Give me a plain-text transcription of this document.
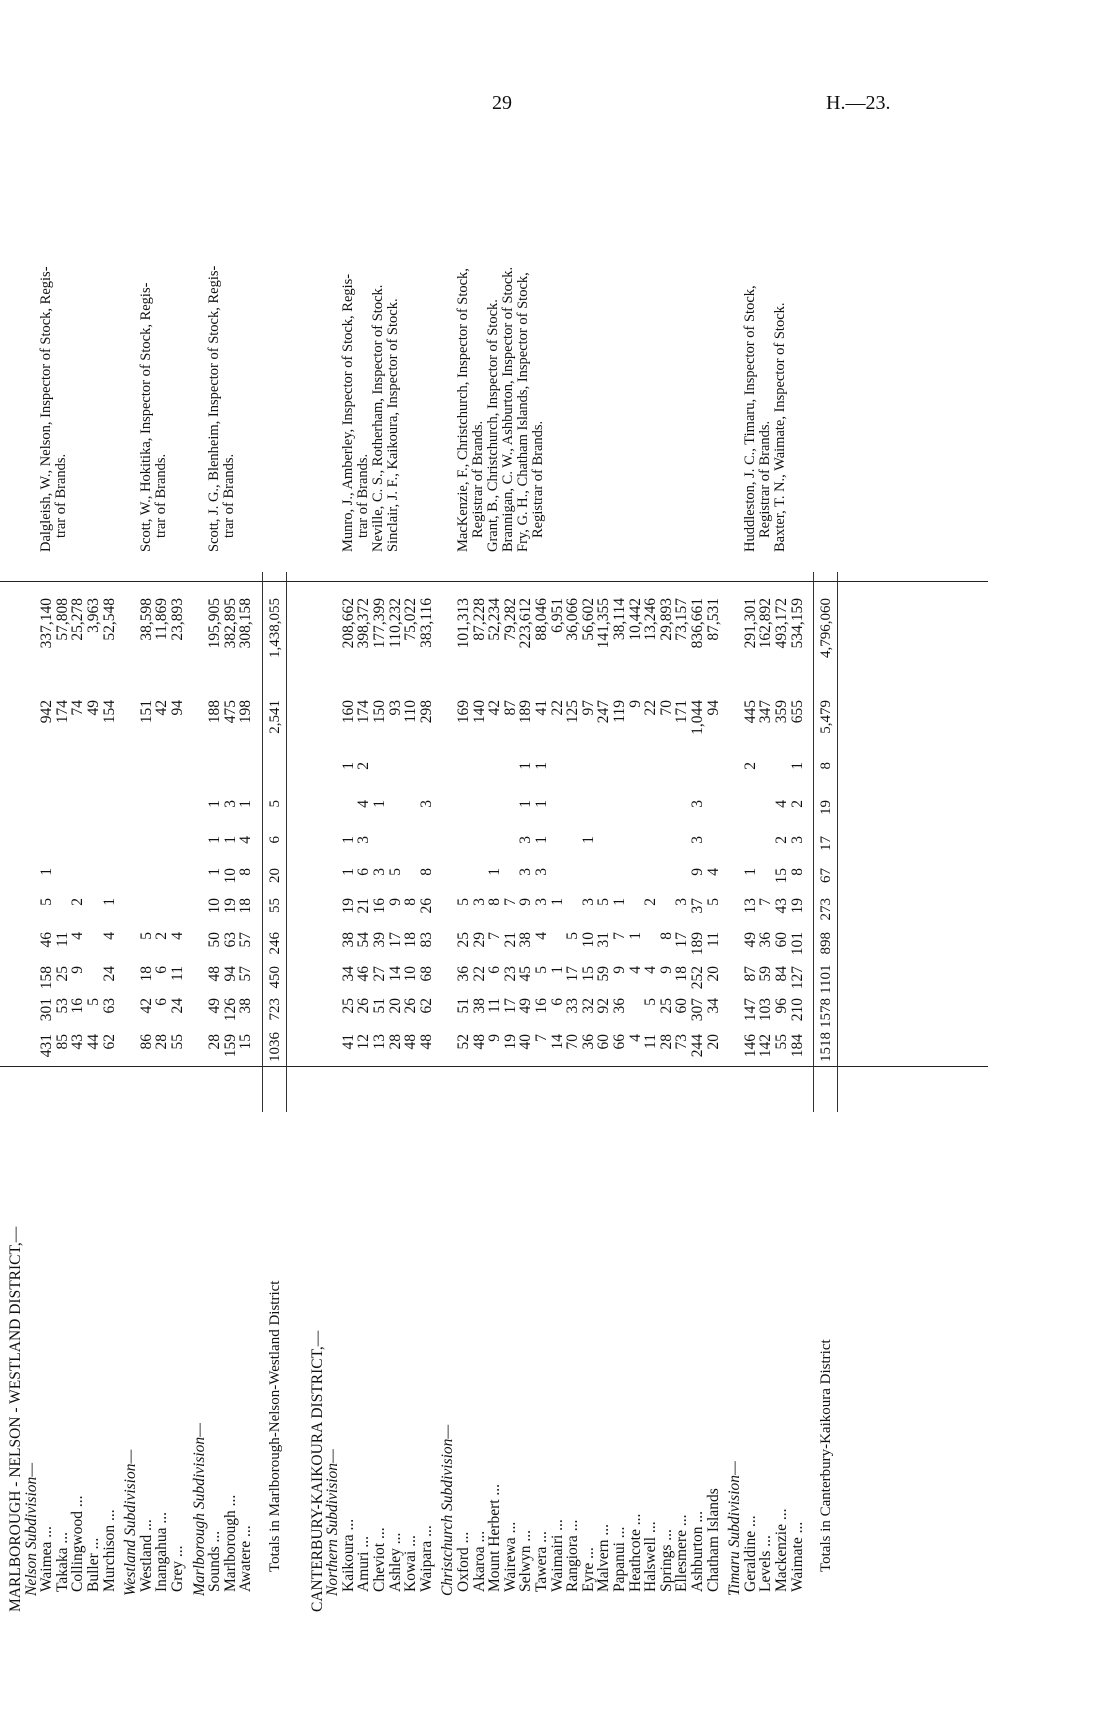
29	H.—23.
MARLBOROUGH - NELSON - WESTLAND DISTRICT,—
Nelson Subdivision—
Waimea ...
431
301
158
46
5
1
942
337,140
Takaka ...
85
53
25
11
174
57,808
Collingwood ...
43
16
9
4
2
74
25,278
Buller ...
44
5
49
3,963
Murchison ...
62
63
24
4
1
154
52,548
Dalgleish, W., Nelson, Inspector of Stock, Regis- trar of Brands.
Westland Subdivision—
Westland ...
86
42
18
5
151
38,598
Inangahua ...
28
6
6
2
42
11,869
Grey ...
55
24
11
4
94
23,893
Scott, W., Hokitika, Inspector of Stock, Regis- trar of Brands.
Marlborough Subdivision—
Sounds ...
28
49
48
50
10
1
1
1
188
195,905
Marlborough ...
159
126
94
63
19
10
1
3
475
382,895
Awatere ...
15
38
57
57
18
8
4
1
198
308,158
Scott, J. G., Blenheim, Inspector of Stock, Regis- trar of Brands.
Totals in Marlborough-Nelson-Westland District
1036
723
450
246
55
20
6
5
2,541
1,438,055
CANTERBURY-KAIKOURA DISTRICT,—
Northern Subdivision—
Kaikoura ...
41
25
34
38
19
1
1
1
160
208,662
Amuri ...
12
26
46
54
21
6
3
4
2
174
398,372
Cheviot ...
13
51
27
39
16
3
1
150
177,399
Ashley ...
28
20
14
17
9
5
93
110,232
Kowai ...
48
26
10
18
8
110
75,022
Waipara ...
48
62
68
83
26
8
3
298
383,116
Munro, J., Amberley, Inspector of Stock, Regis- trar of Brands. Neville, C. S., Rotherham, Inspector of Stock. Sinclair, J. F., Kaikoura, Inspector of Stock.
Christchurch Subdivision—
Oxford ...
52
51
36
25
5
169
101,313
Akaroa ...
48
38
22
29
3
140
87,228
Mount Herbert ...
9
11
6
7
8
1
42
52,234
Wairewa ...
19
17
23
21
7
87
79,282
Selwyn ...
40
49
45
38
9
3
3
1
1
189
223,612
Tawera ...
7
16
5
4
3
3
1
1
1
41
88,046
Waimairi ...
14
6
1
1
22
6,951
Rangiora ...
70
33
17
5
125
36,066
Eyre ...
36
32
15
10
3
1
97
56,602
Malvern ...
60
92
59
31
5
247
141,355
Papanui ...
66
36
9
7
1
119
38,114
Heathcote ...
4
4
1
9
10,442
Halswell ...
11
5
4
2
22
13,246
Springs ...
28
25
9
8
70
29,893
Ellesmere ...
73
60
18
17
3
171
73,157
Ashburton ...
244
307
252
189
37
9
3
3
1,044
836,661
Chatham Islands
20
34
20
11
5
4
94
87,531
MacKenzie, F., Christchurch, Inspector of Stock, Registrar of Brands. Grant, B., Christchurch, Inspector of Stock. Brannigan, C. W., Ashburton, Inspector of Stock. Fry, G. H., Chatham Islands, Inspector of Stock, Registrar of Brands.
Timaru Subdivision—
Geraldine ...
146
147
87
49
13
1
2
445
291,301
Levels ...
142
103
59
36
7
347
162,892
Mackenzie ...
55
96
84
60
43
15
2
4
359
493,172
Waimate ...
184
210
127
101
19
8
3
2
1
655
534,159
Huddleston, J. C., Timaru, Inspector of Stock, Registrar of Brands. Baxter, T. N., Waimate, Inspector of Stock.
Totals in Canterbury-Kaikoura District
1518
1578
1101
898
273
67
17
19
8
5,479
4,796,060
